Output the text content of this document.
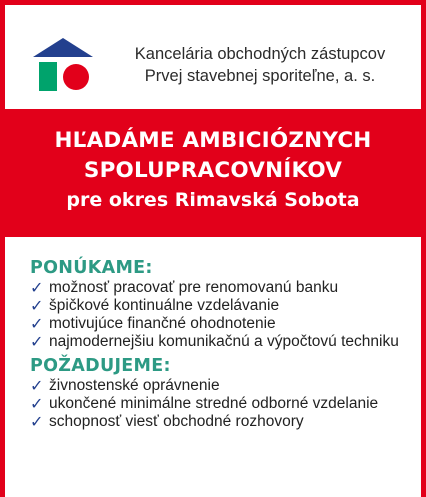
Kancelária obchodných zástupcov
Prvej stavebnej sporiteľne, a. s.
HĽADÁME AMBICIÓZNYCH
SPOLUPRACOVNÍKOV
pre okres Rimavská Sobota
PONÚKAME:
✓ možnosť pracovať pre renomovanú banku
✓ špičkové kontinuálne vzdelávanie
✓ motivujúce finančné ohodnotenie
✓ najmodernejšiu komunikačnú a výpočtovú techniku
POŽADUJEME:
✓ živnostenské oprávnenie
✓ ukončené minimálne stredné odborné vzdelanie
✓ schopnosť viesť obchodné rozhovory
